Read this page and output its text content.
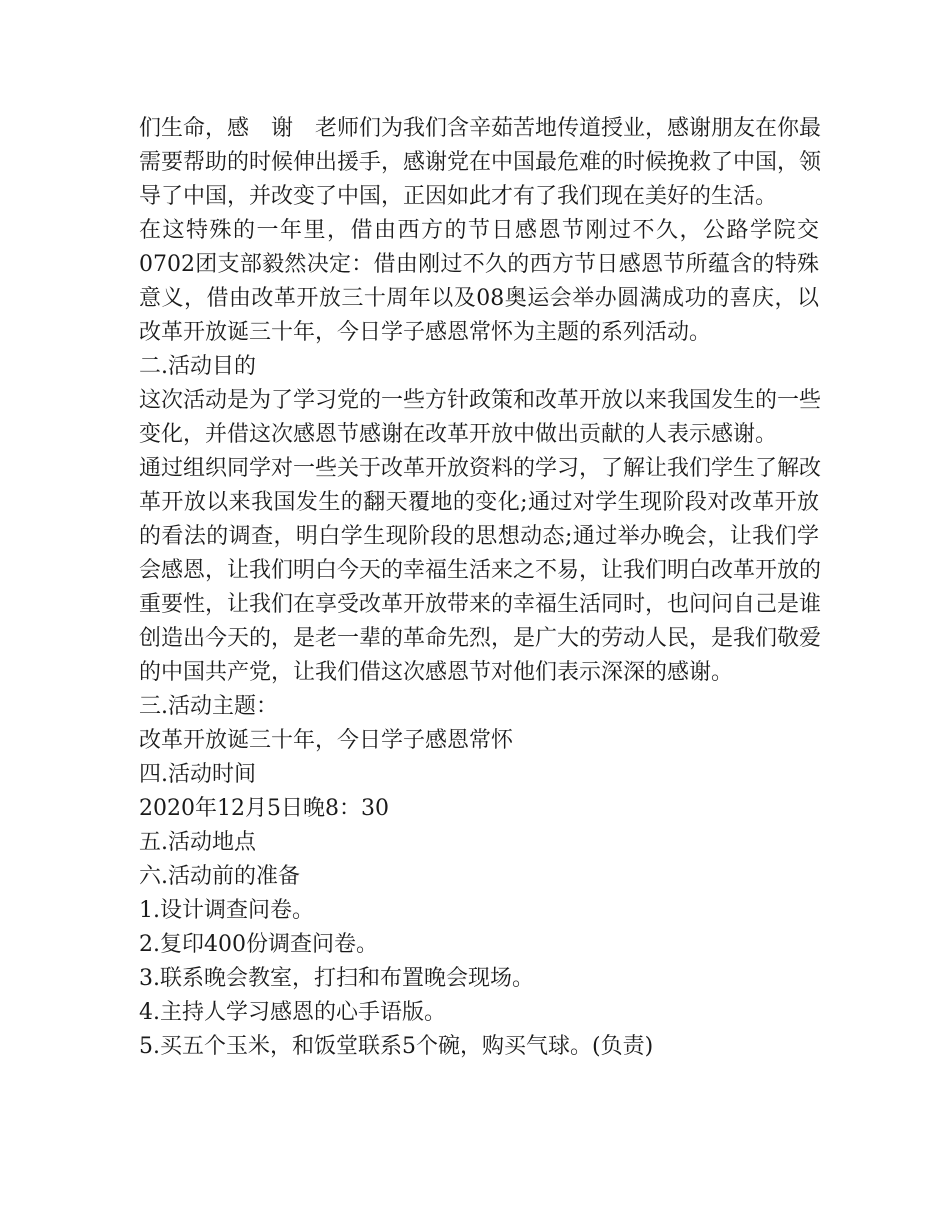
们生命，感　谢　老师们为我们含辛茹苦地传道授业，感谢朋友在你最
需要帮助的时候伸出援手，感谢党在中国最危难的时候挽救了中国，领
导了中国，并改变了中国，正因如此才有了我们现在美好的生活。
在这特殊的一年里，借由西方的节日感恩节刚过不久，公路学院交
0702团支部毅然决定：借由刚过不久的西方节日感恩节所蕴含的特殊
意义，借由改革开放三十周年以及08奥运会举办圆满成功的喜庆，以
改革开放诞三十年，今日学子感恩常怀为主题的系列活动。
二.活动目的
这次活动是为了学习党的一些方针政策和改革开放以来我国发生的一些
变化，并借这次感恩节感谢在改革开放中做出贡献的人表示感谢。
通过组织同学对一些关于改革开放资料的学习，了解让我们学生了解改
革开放以来我国发生的翻天覆地的变化;通过对学生现阶段对改革开放
的看法的调查，明白学生现阶段的思想动态;通过举办晚会，让我们学
会感恩，让我们明白今天的幸福生活来之不易，让我们明白改革开放的
重要性，让我们在享受改革开放带来的幸福生活同时，也问问自己是谁
创造出今天的，是老一辈的革命先烈，是广大的劳动人民，是我们敬爱
的中国共产党，让我们借这次感恩节对他们表示深深的感谢。
三.活动主题：
改革开放诞三十年，今日学子感恩常怀
四.活动时间
2020年12月5日晚8：30
五.活动地点
六.活动前的准备
1.设计调查问卷。
2.复印400份调查问卷。
3.联系晚会教室，打扫和布置晚会现场。
4.主持人学习感恩的心手语版。
5.买五个玉米，和饭堂联系5个碗，购买气球。(负责)
